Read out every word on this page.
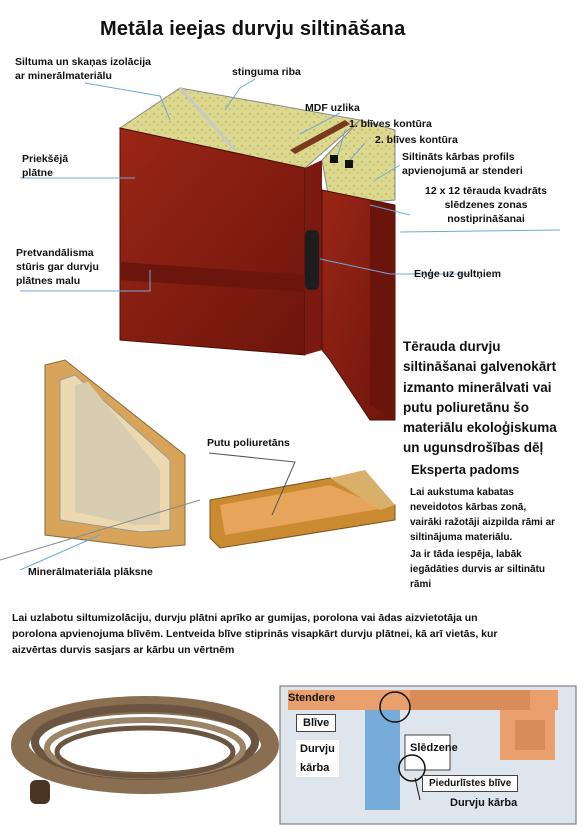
Metāla ieejas durvju siltināšana
Siltuma un skaņas izolācija
ar minerālmateriālu	stinguma riba
MDF uzlika
1. blīves kontūra
2. blīves kontūra
Siltināts kārbas profils
apvienojumā ar stenderi
12 x 12 tērauda kvadrāts
slēdzenes zonas
nostiprināšanai
Priekšējā
plātne
Pretvandālisma
stūris gar durvju
plātnes malu
Eņģe uz gultņiem
Tērauda durvju
siltināšanai galvenokārt
izmanto minerālvati vai
putu poliuretānu šo
materiālu ekoloģiskuma
un ugunsdrošības dēļ
Putu poliuretāns
Minerālmateriāla plāksne
Eksperta padoms
Lai aukstuma kabatas
neveidotos kārbas zonā,
vairāki ražotāji aizpilda rāmi ar
siltinājuma materiālu.
Ja ir tāda iespēja, labāk
iegādāties durvis ar siltinātu
rāmi
Lai uzlabotu siltumizolāciju, durvju plātni aprīko ar gumijas, porolona vai ādas aizvietotāja un
porolona apvienojuma blīvēm. Lentveida blīve stiprinās visapkārt durvju plātnei, kā arī vietās, kur
aizvērtas durvis sasjars ar kārbu un vērtnēm
Stendere
Blīve
Durvju
kārba
Slēdzene
Piedurlīstes blīve
Durvju kārba
